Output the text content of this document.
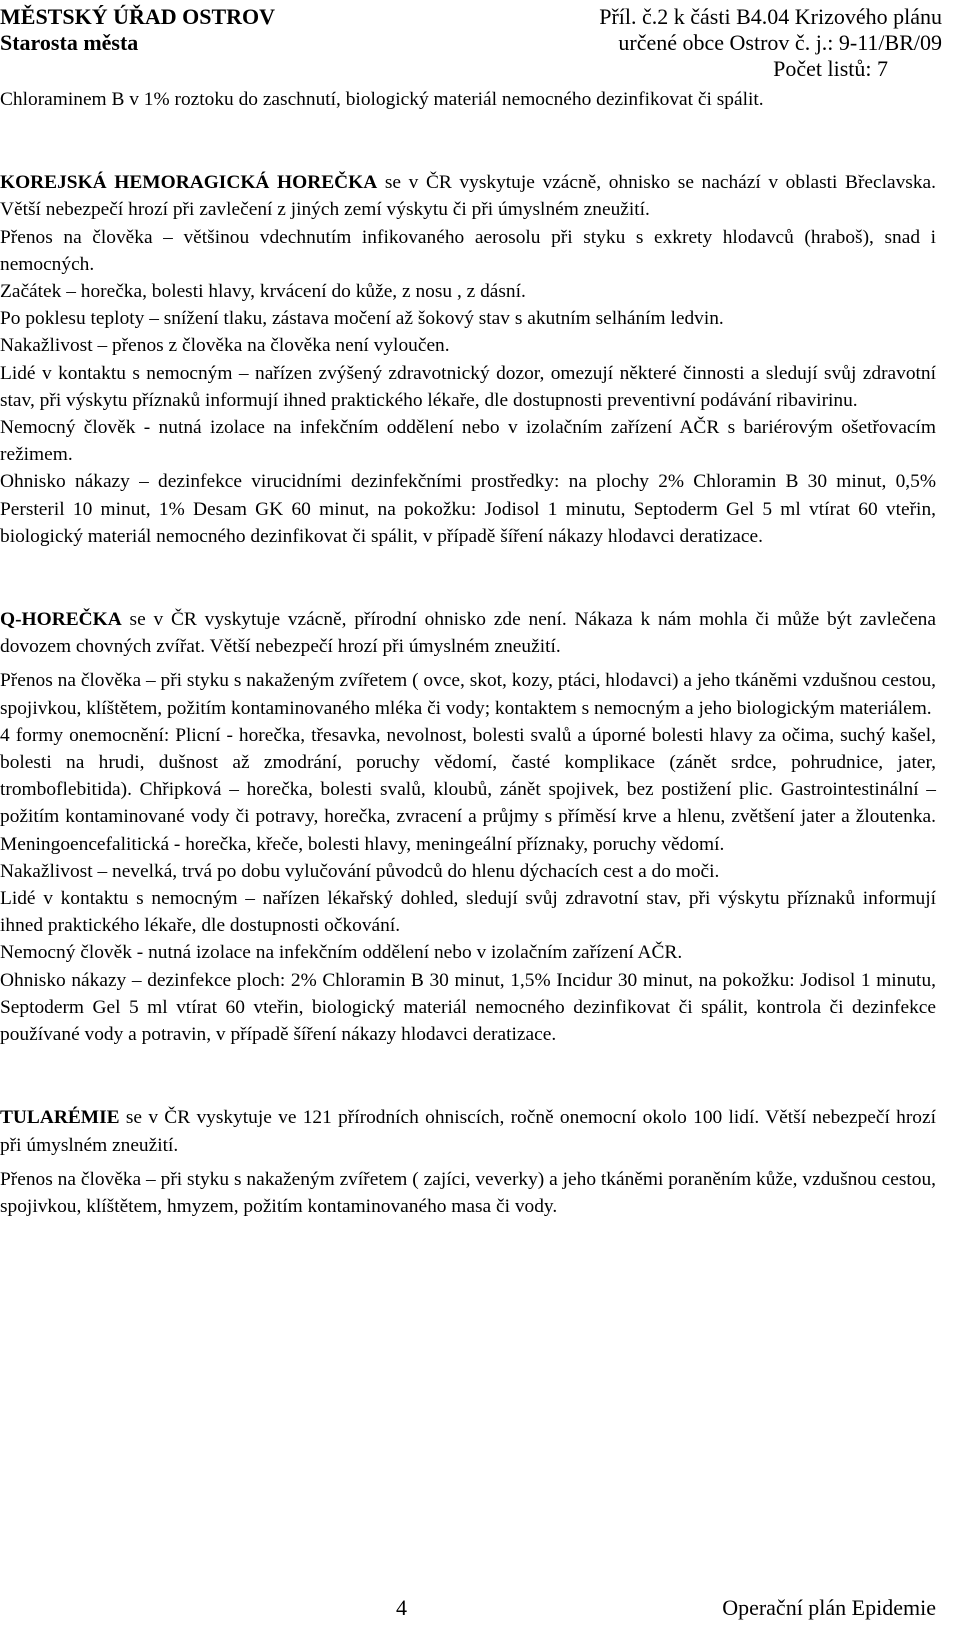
MĚSTSKÝ ÚŘAD OSTROV
Starosta města
Příl. č.2 k části B4.04 Krizového plánu
určené obce Ostrov č. j.: 9-11/BR/09
Počet listů: 7

Chloraminem B v 1% roztoku do zaschnutí, biologický materiál nemocného dezinfikovat či spálit.

KOREJSKÁ HEMORAGICKÁ HOREČKA se v ČR vyskytuje vzácně, ohnisko se nachází v oblasti Břeclavska. Větší nebezpečí hrozí při zavlečení z jiných zemí výskytu či při úmyslném zneužití.

Přenos na člověka – většinou vdechnutím infikovaného aerosolu při styku s exkrety hlodavců (hraboš), snad i nemocných.

Začátek – horečka, bolesti hlavy, krvácení do kůže, z nosu , z dásní.

Po poklesu teploty – snížení tlaku, zástava močení až šokový stav s akutním selháním ledvin.

Nakažlivost – přenos z člověka na člověka není vyloučen.

Lidé v kontaktu s nemocným – nařízen zvýšený zdravotnický dozor, omezují některé činnosti a sledují svůj zdravotní stav, při výskytu příznaků informují ihned praktického lékaře, dle dostupnosti preventivní podávání ribavirinu.

Nemocný člověk - nutná izolace na infekčním oddělení nebo v izolačním zařízení AČR s bariérovým ošetřovacím režimem.

Ohnisko nákazy – dezinfekce virucidními dezinfekčními prostředky: na plochy 2% Chloramin B 30 minut, 0,5% Persteril 10 minut, 1% Desam GK 60 minut, na pokožku: Jodisol 1 minutu, Septoderm Gel 5 ml vtírat 60 vteřin, biologický materiál nemocného dezinfikovat či spálit, v případě šíření nákazy hlodavci deratizace.

Q-HOREČKA se v ČR vyskytuje vzácně, přírodní ohnisko zde není. Nákaza k nám mohla či může být zavlečena dovozem chovných zvířat. Větší nebezpečí hrozí při úmyslném zneužití.

Přenos na člověka – při styku s nakaženým zvířetem ( ovce, skot, kozy, ptáci, hlodavci) a jeho tkáněmi vzdušnou cestou, spojivkou, klíštětem, požitím kontaminovaného mléka či vody; kontaktem s nemocným a jeho biologickým materiálem.

4 formy onemocnění: Plicní - horečka, třesavka, nevolnost, bolesti svalů a úporné bolesti hlavy za očima, suchý kašel, bolesti na hrudi, dušnost až zmodrání, poruchy vědomí, časté komplikace (zánět srdce, pohrudnice, jater, tromboflebitida). Chřipková – horečka, bolesti svalů, kloubů, zánět spojivek, bez postižení plic. Gastrointestinální – požitím kontaminované vody či potravy, horečka, zvracení a průjmy s příměsí krve a hlenu, zvětšení jater a žloutenka. Meningoencefalitická - horečka, křeče, bolesti hlavy, meningeální příznaky, poruchy vědomí.

Nakažlivost – nevelká, trvá po dobu vylučování původců do hlenu dýchacích cest a do moči.

Lidé v kontaktu s nemocným – nařízen lékařský dohled, sledují svůj zdravotní stav, při výskytu příznaků informují ihned praktického lékaře, dle dostupnosti očkování.

Nemocný člověk - nutná izolace na infekčním oddělení nebo v izolačním zařízení AČR.

Ohnisko nákazy – dezinfekce ploch: 2% Chloramin B 30 minut, 1,5% Incidur 30 minut, na pokožku: Jodisol 1 minutu, Septoderm Gel 5 ml vtírat 60 vteřin, biologický materiál nemocného dezinfikovat či spálit, kontrola či dezinfekce používané vody a potravin, v případě šíření nákazy hlodavci deratizace.

TULARÉMIE se v ČR vyskytuje ve 121 přírodních ohniscích, ročně onemocní okolo 100 lidí. Větší nebezpečí hrozí při úmyslném zneužití.

Přenos na člověka – při styku s nakaženým zvířetem ( zajíci, veverky) a jeho tkáněmi poraněním kůže, vzdušnou cestou, spojivkou, klíštětem, hmyzem, požitím kontaminovaného masa či vody.

4	Operační plán Epidemie
